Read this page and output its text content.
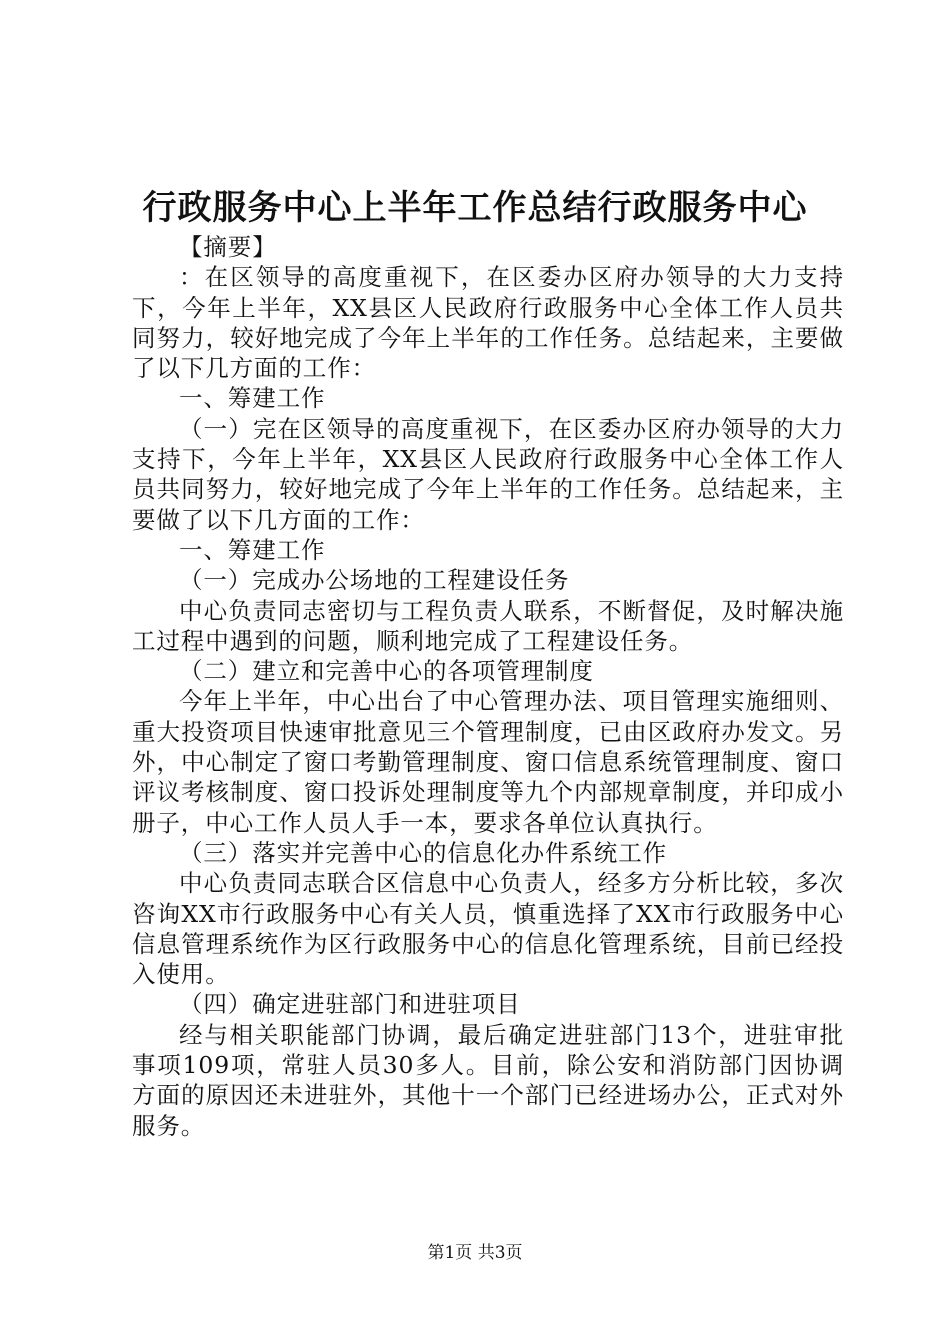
行政服务中心上半年工作总结行政服务中心

【摘要】

：在区领导的高度重视下，在区委办区府办领导的大力支持下，今年上半年，XX县区人民政府行政服务中心全体工作人员共同努力，较好地完成了今年上半年的工作任务。总结起来，主要做了以下几方面的工作：

一、筹建工作

（一）完在区领导的高度重视下，在区委办区府办领导的大力支持下，今年上半年，XX县区人民政府行政服务中心全体工作人员共同努力，较好地完成了今年上半年的工作任务。总结起来，主要做了以下几方面的工作：

一、筹建工作

（一）完成办公场地的工程建设任务

中心负责同志密切与工程负责人联系，不断督促，及时解决施工过程中遇到的问题，顺利地完成了工程建设任务。

（二）建立和完善中心的各项管理制度

今年上半年，中心出台了中心管理办法、项目管理实施细则、重大投资项目快速审批意见三个管理制度，已由区政府办发文。另外，中心制定了窗口考勤管理制度、窗口信息系统管理制度、窗口评议考核制度、窗口投诉处理制度等九个内部规章制度，并印成小册子，中心工作人员人手一本，要求各单位认真执行。

（三）落实并完善中心的信息化办件系统工作

中心负责同志联合区信息中心负责人，经多方分析比较，多次咨询XX市行政服务中心有关人员，慎重选择了XX市行政服务中心信息管理系统作为区行政服务中心的信息化管理系统，目前已经投入使用。

（四）确定进驻部门和进驻项目

经与相关职能部门协调，最后确定进驻部门13个，进驻审批事项109项，常驻人员30多人。目前，除公安和消防部门因协调方面的原因还未进驻外，其他十一个部门已经进场办公，正式对外服务。

第1页 共3页
